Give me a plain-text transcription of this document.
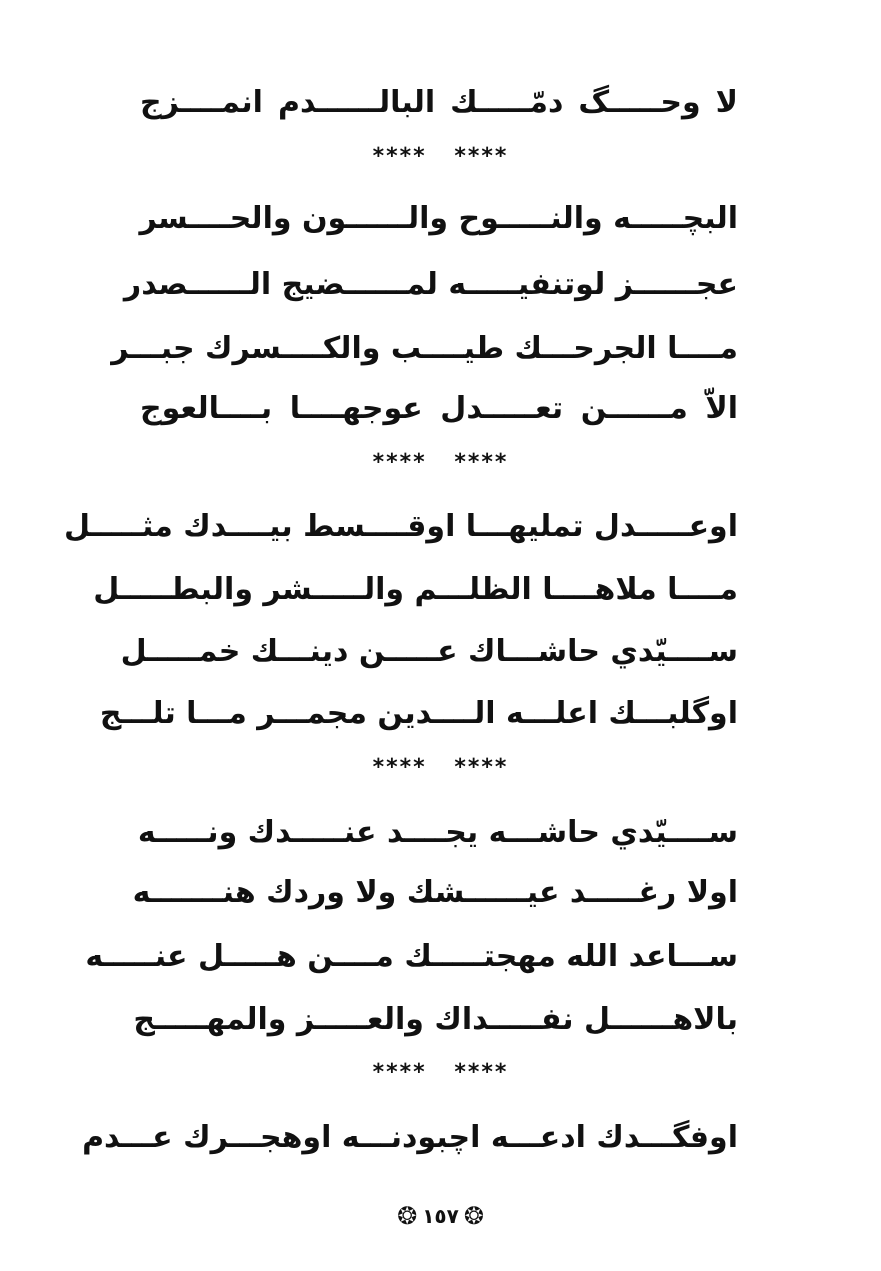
لا وحـــــگ دمّـــــك البالــــــدم انمــــزج
**** ****
البچـــــه والنـــــوح والــــــون والحــــسر
عجــــــز لوتنفيـــــه لمــــــضيج الــــــصدر
مــــا الجرحـــك طيــــب والكــــسرك جبـــر
الاّ مــــــن تعـــــدل عوجهــــا بــــالعوج
**** ****
اوعـــــدل تمليهـــا اوقــــسط بيــــدك مثـــــل
مــــا ملاهــــا الظلـــم والـــــشر والبطـــــل
ســــيّدي حاشـــاك عـــــن دينـــك خمـــــل
اوگلبـــك اعلـــه الــــدين مجمـــر مـــا تلـــج
**** ****
ســــيّدي حاشـــه يجــــد عنـــــدك ونـــــه
اولا رغـــــد عيــــــشك ولا وردك هنـــــــه
ســـاعد الله مهجتـــــك مــــن هـــــل عنـــــه
بالاهــــــل نفـــــداك والعـــــز والمهـــــج
**** ****
اوفگـــدك ادعـــه اچبودنـــه اوهجـــرك عـــدم
❂ ١٥٧ ❂
